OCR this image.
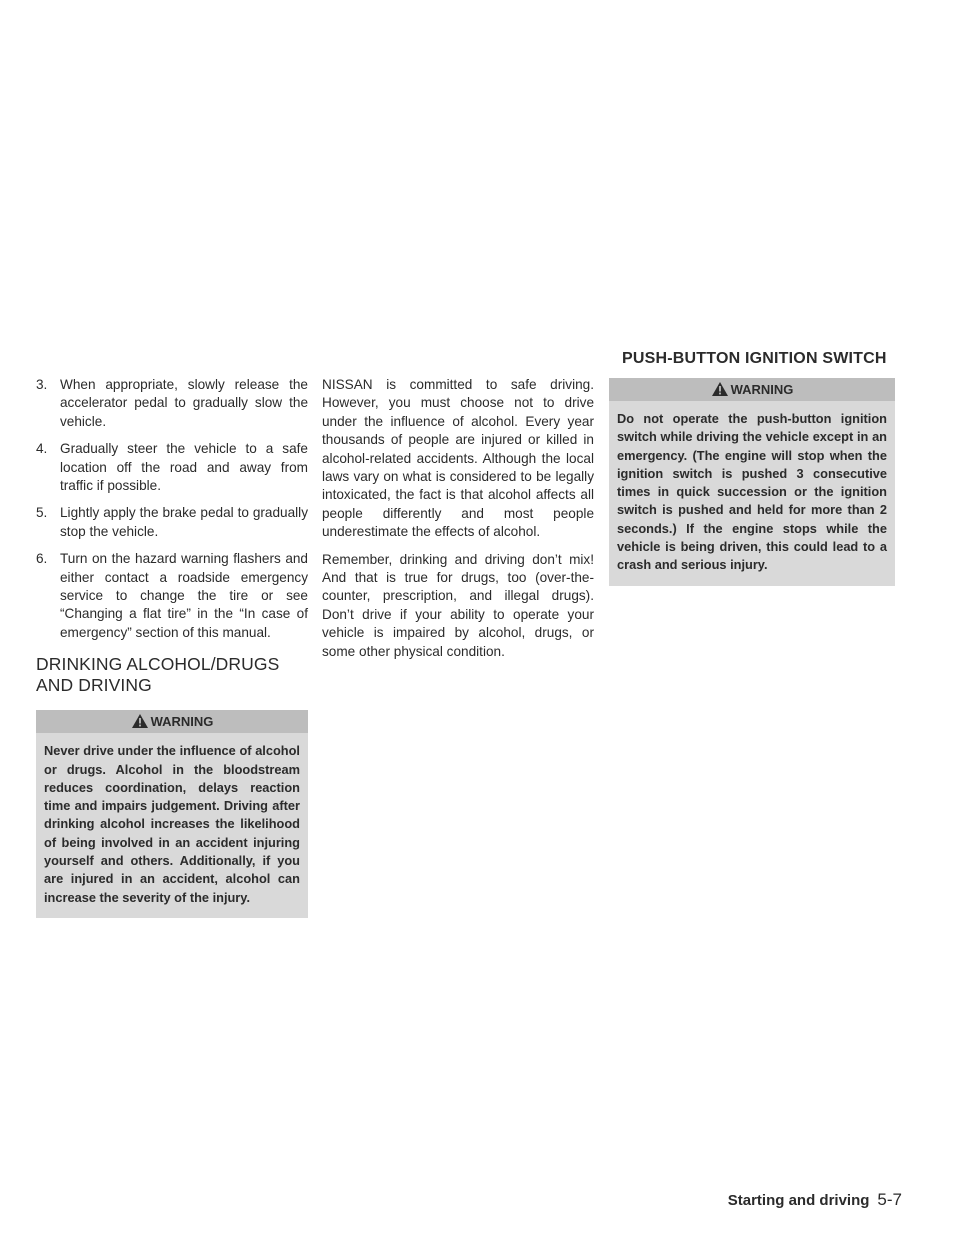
PUSH-BUTTON IGNITION SWITCH
3. When appropriate, slowly release the accelerator pedal to gradually slow the vehicle.
4. Gradually steer the vehicle to a safe location off the road and away from traffic if possible.
5. Lightly apply the brake pedal to gradually stop the vehicle.
6. Turn on the hazard warning flashers and either contact a roadside emergency service to change the tire or see “Changing a flat tire” in the “In case of emergency” section of this manual.
DRINKING ALCOHOL/DRUGS AND DRIVING
WARNING
Never drive under the influence of alcohol or drugs. Alcohol in the bloodstream reduces coordination, delays reaction time and impairs judgement. Driving after drinking alcohol increases the likelihood of being involved in an accident injuring yourself and others. Additionally, if you are injured in an accident, alcohol can increase the severity of the injury.

NISSAN is committed to safe driving. However, you must choose not to drive under the influence of alcohol. Every year thousands of people are injured or killed in alcohol-related accidents. Although the local laws vary on what is considered to be legally intoxicated, the fact is that alcohol affects all people differently and most people underestimate the effects of alcohol.

Remember, drinking and driving don’t mix! And that is true for drugs, too (over-the-counter, prescription, and illegal drugs). Don’t drive if your ability to operate your vehicle is impaired by alcohol, drugs, or some other physical condition.

WARNING
Do not operate the push-button ignition switch while driving the vehicle except in an emergency. (The engine will stop when the ignition switch is pushed 3 consecutive times in quick succession or the ignition switch is pushed and held for more than 2 seconds.) If the engine stops while the vehicle is being driven, this could lead to a crash and serious injury.
Starting and driving 5-7
